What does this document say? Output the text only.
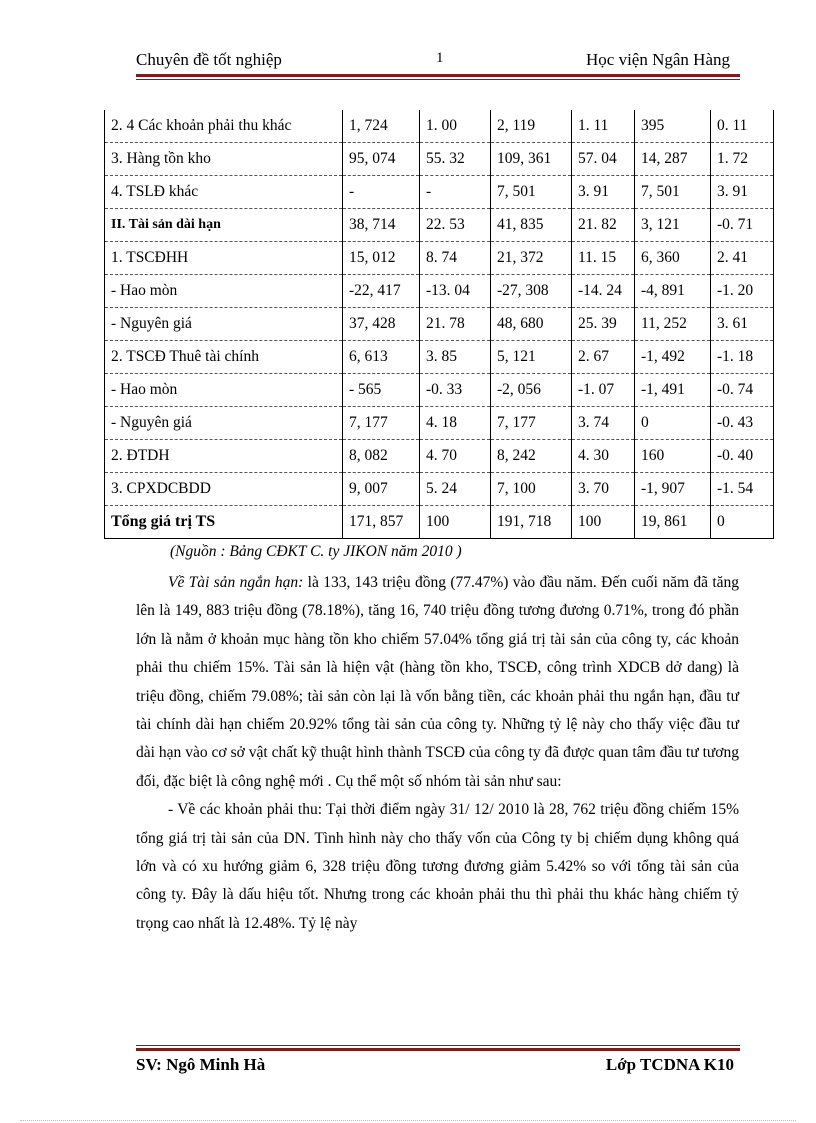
Chuyên đề tốt nghiệp	1	Học viện Ngân Hàng
2. 4 Các khoản phải thu khác	1, 724	1. 00	2, 119	1. 11	395	0. 11
3. Hàng tồn kho	95, 074	55. 32	109, 361	57. 04	14, 287	1. 72
4. TSLĐ khác	-	-	7, 501	3. 91	7, 501	3. 91
II. Tài sản dài hạn	38, 714	22. 53	41, 835	21. 82	3, 121	-0. 71
1. TSCĐHH	15, 012	8. 74	21, 372	11. 15	6, 360	2. 41
- Hao mòn	-22, 417	-13. 04	-27, 308	-14. 24	-4, 891	-1. 20
- Nguyên giá	37, 428	21. 78	48, 680	25. 39	11, 252	3. 61
2. TSCĐ Thuê tài chính	6, 613	3. 85	5, 121	2. 67	-1, 492	-1. 18
- Hao mòn	- 565	-0. 33	-2, 056	-1. 07	-1, 491	-0. 74
- Nguyên giá	7, 177	4. 18	7, 177	3. 74	0	-0. 43
2. ĐTDH	8, 082	4. 70	8, 242	4. 30	160	-0. 40
3. CPXDCBDD	9, 007	5. 24	7, 100	3. 70	-1, 907	-1. 54
Tổng giá trị TS	171, 857	100	191, 718	100	19, 861	0
(Nguồn : Bảng CĐKT C. ty JIKON năm 2010 )

Về Tài sản ngắn hạn: là 133, 143 triệu đồng (77.47%) vào đầu năm. Đến cuối năm đã tăng lên là 149, 883 triệu đồng (78.18%), tăng 16, 740 triệu đồng tương đương 0.71%, trong đó phần lớn là nằm ở khoản mục hàng tồn kho chiếm 57.04% tổng giá trị tài sản của công ty, các khoản phải thu chiếm 15%. Tài sản là hiện vật (hàng tồn kho, TSCĐ, công trình XDCB dở dang) là triệu đồng, chiếm 79.08%; tài sản còn lại là vốn bằng tiền, các khoản phải thu ngắn hạn, đầu tư tài chính dài hạn chiếm 20.92% tổng tài sản của công ty. Những tỷ lệ này cho thấy việc đầu tư dài hạn vào cơ sở vật chất kỹ thuật hình thành TSCĐ của công ty đã được quan tâm đầu tư tương đối, đặc biệt là công nghệ mới . Cụ thể một số nhóm tài sản như sau:

- Về các khoản phải thu: Tại thời điểm ngày 31/ 12/ 2010 là 28, 762 triệu đồng chiếm 15% tổng giá trị tài sản của DN. Tình hình này cho thấy vốn của Công ty bị chiếm dụng không quá lớn và có xu hướng giảm 6, 328 triệu đồng tương đương giảm 5.42% so với tổng tài sản của công ty. Đây là dấu hiệu tốt. Nhưng trong các khoản phải thu thì phải thu khác hàng chiếm tỷ trọng cao nhất là 12.48%. Tỷ lệ này

SV: Ngô Minh Hà	Lớp TCDNA K10
